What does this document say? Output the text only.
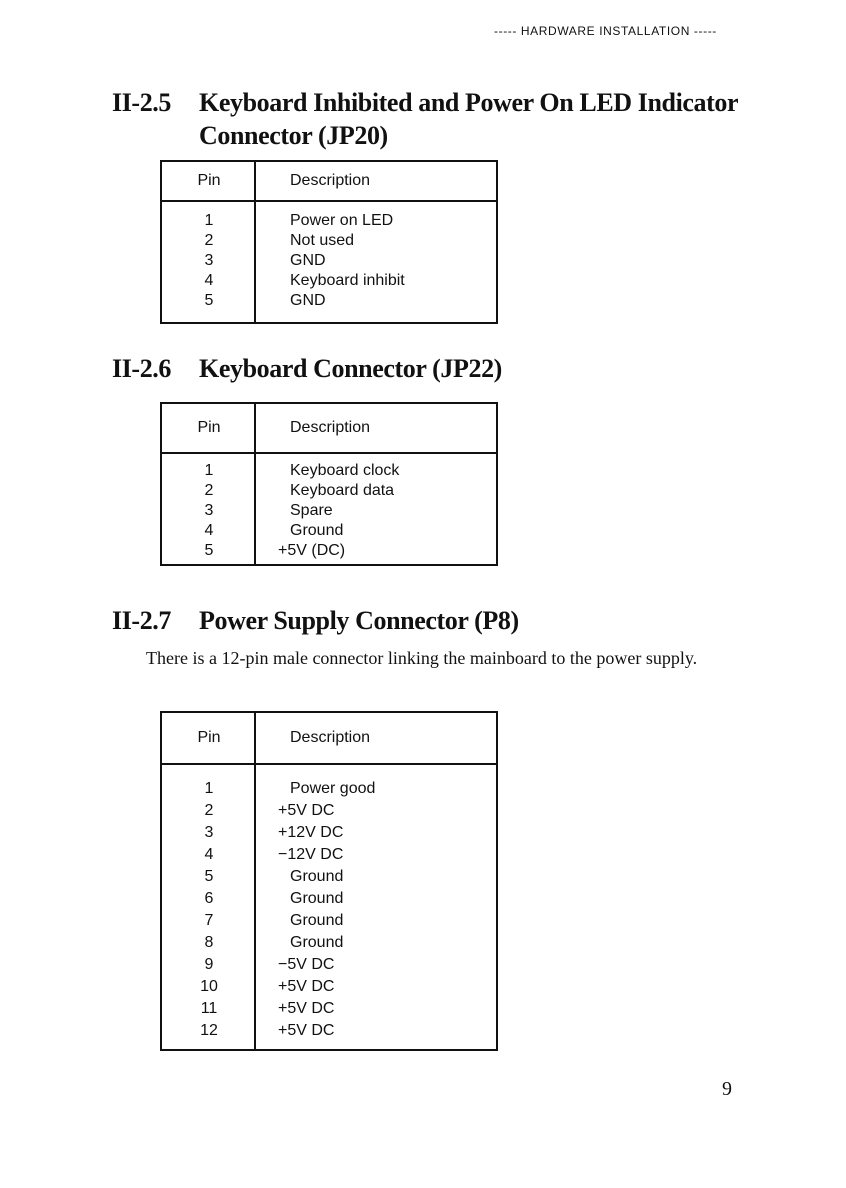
----- HARDWARE INSTALLATION -----
II-2.5 Keyboard Inhibited and Power On LED Indicator
Connector (JP20)
Pin	Description
1	Power on LED
2	Not used
3	GND
4	Keyboard inhibit
5	GND
II-2.6 Keyboard Connector (JP22)
Pin	Description
1	Keyboard clock
2	Keyboard data
3	Spare
4	Ground
5	+5V (DC)
II-2.7 Power Supply Connector (P8)
There is a 12-pin male connector linking the mainboard to the power supply.
Pin	Description
1	Power good
2	+5V DC
3	+12V DC
4	−12V DC
5	Ground
6	Ground
7	Ground
8	Ground
9	−5V DC
10	+5V DC
11	+5V DC
12	+5V DC
9
